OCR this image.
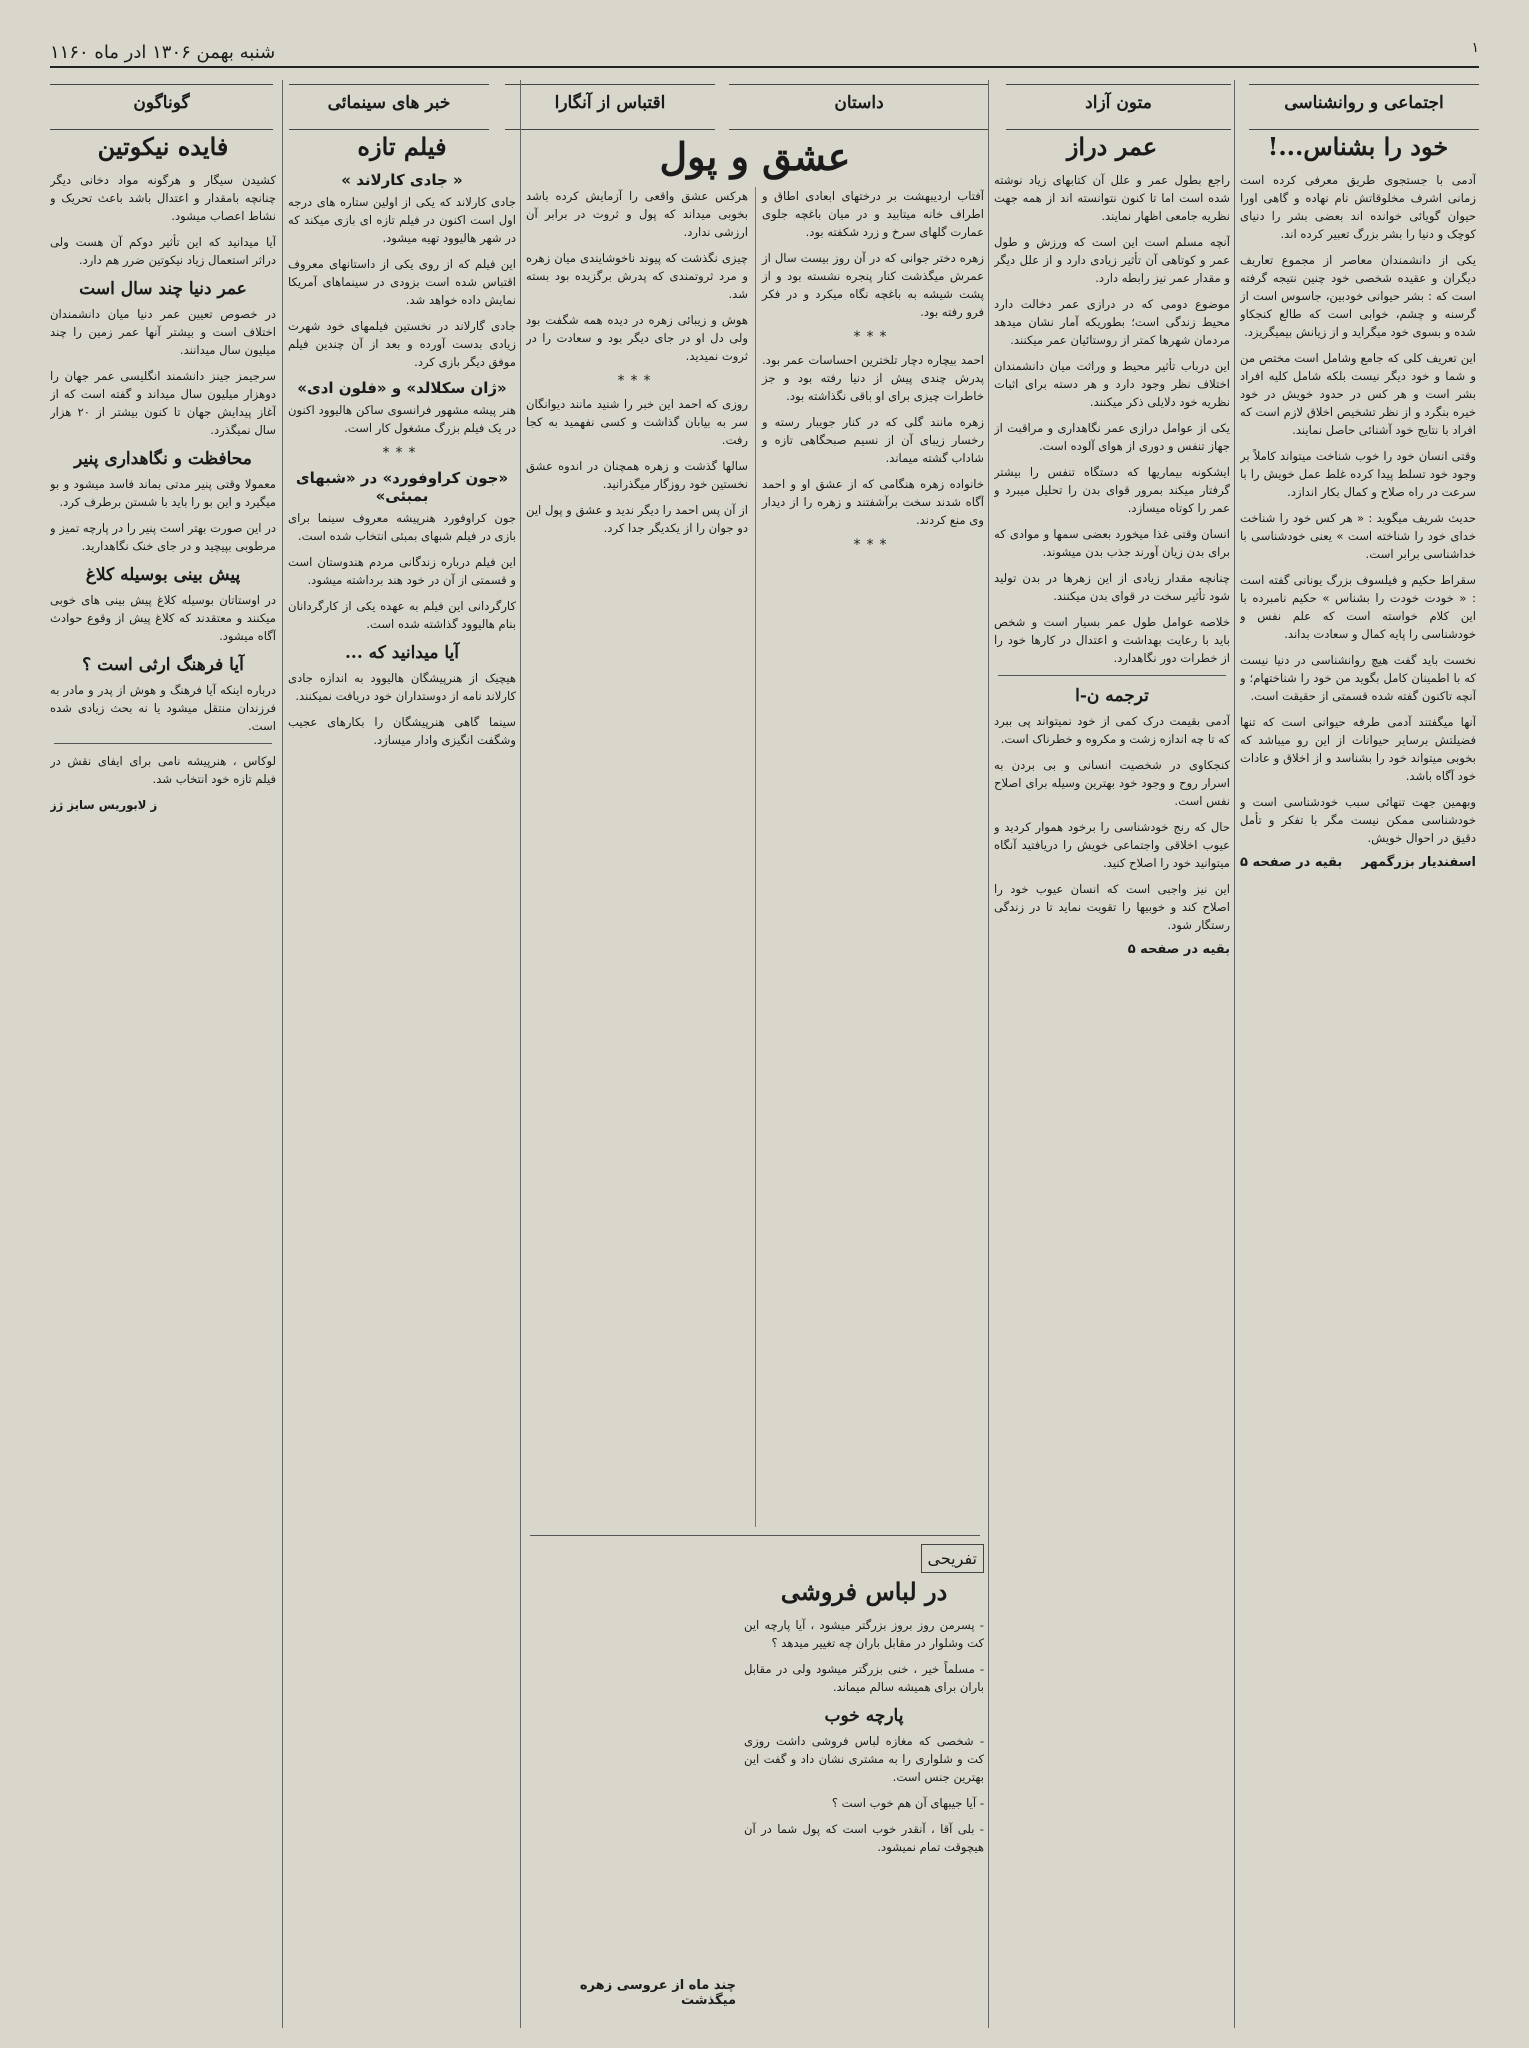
شنبه بهمن ۱۳۰۶ ادر ماه ۱۱۶۰	۱
اجتماعی و روانشناسی
متون آزاد
داستان
اقتباس از آنگارا
خبر های سینمائی
گوناگون
خود را بشناس...!

آدمی با جستجوی طریق معرفی کرده است زمانی اشرف مخلوقاتش نام نهاده و گاهی اورا حیوان گویائی خوانده اند بعضی بشر را دنیای کوچک و دنیا را بشر بزرگ تعبیر کرده اند.

یکی از دانشمندان معاصر از مجموع تعاریف دیگران و عقیده شخصی خود چنین نتیجه گرفته است که : بشر حیوانی خودبین، جاسوس است از گرسنه و چشم، خوابی است که طالع کنجکاو شده و بسوی خود میگراید و از زیانش بیمیگریزد.

این تعریف کلی که جامع وشامل است مختص من و شما و خود دیگر نیست بلکه شامل کلیه افراد بشر است و هر کس در حدود خویش در خود خیره بنگرد و از نظر تشخیص اخلاق لازم است که افراد با نتایج خود آشنائی حاصل نمایند.

وقتی انسان خود را خوب شناخت میتواند کاملاً بر وجود خود تسلط پیدا کرده غلط عمل خویش را با سرعت در راه صلاح و کمال بکار اندازد.

حدیث شریف میگوید : « هر کس خود را شناخت خدای خود را شناخته است » یعنی خودشناسی با خداشناسی برابر است.

سقراط حکیم و فیلسوف بزرگ یونانی گفته است : « خودت خودت را بشناس » حکیم نامبرده با این کلام خواسته است که علم نفس و خودشناسی را پایه کمال و سعادت بداند.

نخست باید گفت هیچ روانشناسی در دنیا نیست که با اطمینان کامل بگوید من خود را شناختهام؛ و آنچه تاکنون گفته شده قسمتی از حقیقت است.

آنها میگفتند آدمی طرفه حیوانی است که تنها فضیلتش برسایر حیوانات از این رو میباشد که بخوبی میتواند خود را بشناسد و از اخلاق و عادات خود آگاه باشد.

وبهمین جهت تنهائی سبب خودشناسی است و خودشناسی ممکن نیست مگر با تفکر و تأمل دقیق در احوال خویش.

اسفندیار بزرگمهر
بقیه در صفحه ۵
عمر دراز

راجع بطول عمر و علل آن کتابهای زیاد نوشته شده است اما تا کنون نتوانسته اند از همه جهت نظریه جامعی اظهار نمایند.

آنچه مسلم است این است که ورزش و طول عمر و کوتاهی آن تأثیر زیادی دارد و از علل دیگر و مقدار عمر نیز رابطه دارد.

موضوع دومی که در درازی عمر دخالت دارد محیط زندگی است؛ بطوریکه آمار نشان میدهد مردمان شهرها کمتر از روستائیان عمر میکنند.

این درباب تأثیر محیط و وراثت میان دانشمندان اختلاف نظر وجود دارد و هر دسته برای اثبات نظریه خود دلایلی ذکر میکنند.

یکی از عوامل درازی عمر نگاهداری و مراقبت از جهاز تنفس و دوری از هوای آلوده است.

ایشکونه بیماریها که دستگاه تنفس را بیشتر گرفتار میکند بمرور قوای بدن را تحلیل میبرد و عمر را کوتاه میسازد.

انسان وقتی غذا میخورد بعضی سمها و موادی که برای بدن زیان آورند جذب بدن میشوند.

چنانچه مقدار زیادی از این زهرها در بدن تولید شود تأثیر سخت در قوای بدن میکنند.

خلاصه عوامل طول عمر بسیار است و شخص باید با رعایت بهداشت و اعتدال در کارها خود را از خطرات دور نگاهدارد.

ترجمه ن-ا

آدمی بقیمت درک کمی از خود نمیتواند پی ببرد که تا چه اندازه زشت و مکروه و خطرناک است.

کنجکاوی در شخصیت انسانی و بی بردن به اسرار روح و وجود خود بهترین وسیله برای اصلاح نفس است.

حال که رنج خودشناسی را برخود هموار کردید و عیوب اخلاقی واجتماعی خویش را دریافتید آنگاه میتوانید خود را اصلاح کنید.

این نیز واجبی است که انسان عیوب خود را اصلاح کند و خوبیها را تقویت نماید تا در زندگی رستگار شود.

بقیه در صفحه ۵
عشق و پول

آفتاب اردیبهشت بر درختهای ابعادی اطاق و اطراف خانه میتابید و در میان باغچه جلوی عمارت گلهای سرخ و زرد شکفته بود.

زهره دختر جوانی که در آن روز بیست سال از عمرش میگذشت کنار پنجره نشسته بود و از پشت شیشه به باغچه نگاه میکرد و در فکر فرو رفته بود.

***

احمد بیچاره دچار تلخترین احساسات عمر بود. پدرش چندی پیش از دنیا رفته بود و جز خاطرات چیزی برای او باقی نگذاشته بود.

زهره مانند گلی که در کنار جویبار رسته و رخسار زیبای آن از نسیم صبحگاهی تازه و شاداب گشته میماند.

خانواده زهره هنگامی که از عشق او و احمد آگاه شدند سخت برآشفتند و زهره را از دیدار وی منع کردند.

***

هرکس عشق واقعی را آزمایش کرده باشد بخوبی میداند که پول و ثروت در برابر آن ارزشی ندارد.

چیزی نگذشت که پیوند ناخوشایندی میان زهره و مرد ثروتمندی که پدرش برگزیده بود بسته شد.

هوش و زیبائی زهره در دیده همه شگفت بود ولی دل او در جای دیگر بود و سعادت را در ثروت نمیدید.

***

روزی که احمد این خبر را شنید مانند دیوانگان سر به بیابان گذاشت و کسی نفهمید به کجا رفت.

سالها گذشت و زهره همچنان در اندوه عشق نخستین خود روزگار میگذرانید.

از آن پس احمد را دیگر ندید و عشق و پول این دو جوان را از یکدیگر جدا کرد.

تفریحی
در لباس فروشی

- پسرمن روز بروز بزرگتر میشود ، آیا پارچه این کت وشلوار در مقابل باران چه تغییر میدهد ؟

- مسلماً خیر ، خنی بزرگتر میشود ولی در مقابل باران برای همیشه سالم میماند.

پارچه خوب

- شخصی که مغازه لباس فروشی داشت روزی کت و شلواری را به مشتری نشان داد و گفت این بهترین جنس است.

- آیا جیبهای آن هم خوب است ؟

- بلی آقا ، آنقدر خوب است که پول شما در آن هیچوقت تمام نمیشود.

چند ماه از عروسی زهره میگذشت
فیلم تازه
« جادی کارلاند »

جادی کارلاند که یکی از اولین ستاره های درجه اول است اکنون در فیلم تازه ای بازی میکند که در شهر هالیوود تهیه میشود.

این فیلم که از روی یکی از داستانهای معروف اقتباس شده است بزودی در سینماهای آمریکا نمایش داده خواهد شد.

جادی گارلاند در نخستین فیلمهای خود شهرت زیادی بدست آورده و بعد از آن چندین فیلم موفق دیگر بازی کرد.

«ژان سکلالد» و «فلون ادی»

هنر پیشه مشهور فرانسوی ساکن هالیوود اکنون در یک فیلم بزرگ مشغول کار است.

***
«جون کراوفورد» در «شبهای بمبئی»

جون کراوفورد هنرپیشه معروف سینما برای بازی در فیلم شبهای بمبئی انتخاب شده است.

این فیلم درباره زندگانی مردم هندوستان است و قسمتی از آن در خود هند برداشته میشود.

کارگردانی این فیلم به عهده یکی از کارگردانان بنام هالیوود گذاشته شده است.

آیا میدانید که ...

هیچیک از هنرپیشگان هالیوود به اندازه جادی کارلاند نامه از دوستداران خود دریافت نمیکنند.

سینما گاهی هنرپیشگان را بکارهای عجیب وشگفت انگیزی وادار میسازد.

فایده نیکوتین

کشیدن سیگار و هرگونه مواد دخانی دیگر چنانچه بامقدار و اعتدال باشد باعث تحریک و نشاط اعصاب میشود.

آیا میدانید که این تأثیر دوکم آن هست ولی دراثر استعمال زیاد نیکوتین ضرر هم دارد.

عمر دنیا چند سال است

در خصوص تعیین عمر دنیا میان دانشمندان اختلاف است و بیشتر آنها عمر زمین را چند میلیون سال میدانند.

سرجیمز جینز دانشمند انگلیسی عمر جهان را دوهزار میلیون سال میداند و گفته است که از آغاز پیدایش جهان تا کنون بیشتر از ۲۰ هزار سال نمیگذرد.

محافظت و نگاهداری پنیر

معمولا وقتی پنیر مدتی بماند فاسد میشود و بو میگیرد و این بو را باید با شستن برطرف کرد.

در این صورت بهتر است پنیر را در پارچه تمیز و مرطوبی بپیچید و در جای خنک نگاهدارید.

پیش بینی بوسیله کلاغ

در اوستاتان بوسیله کلاغ پیش بینی های خوبی میکنند و معتقدند که کلاغ پیش از وقوع حوادث آگاه میشود.

آیا فرهنگ ارثی است ؟

درباره اینکه آیا فرهنگ و هوش از پدر و مادر به فرزندان منتقل میشود یا نه بحث زیادی شده است.

لوکاس ، هنرپیشه نامی برای ایفای نقش در فیلم تازه خود انتخاب شد.

ز لابوریس سایز ژز
